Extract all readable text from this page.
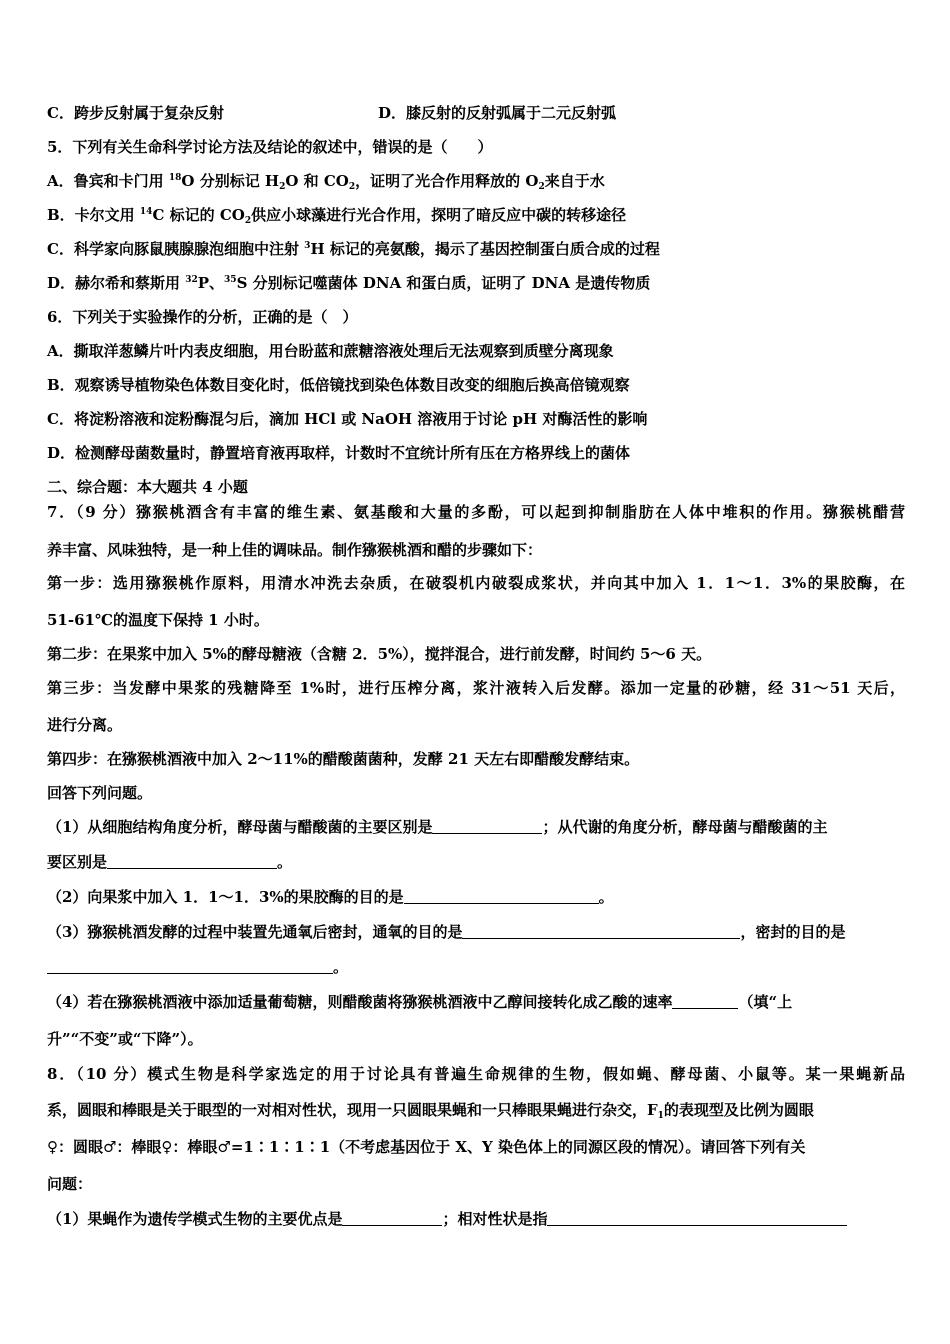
C．跨步反射属于复杂反射	D．膝反射的反射弧属于二元反射弧
5．下列有关生命科学讨论方法及结论的叙述中，错误的是（　　）
A．鲁宾和卡门用 $^{18}$O 分别标记 $H_2O$ 和 $CO_2$，证明了光合作用释放的 $O_2$来自于水
B．卡尔文用 $^{14}$C 标记的 $CO_2$供应小球藻进行光合作用，探明了暗反应中碳的转移途径
C．科学家向豚鼠胰腺腺泡细胞中注射 $^3$H 标记的亮氨酸，揭示了基因控制蛋白质合成的过程
D．赫尔希和蔡斯用 $^{32}$P、$^{35}$S 分别标记噬菌体 DNA 和蛋白质，证明了 DNA 是遗传物质
6．下列关于实验操作的分析，正确的是（　）
A．撕取洋葱鳞片叶内表皮细胞，用台盼蓝和蔗糖溶液处理后无法观察到质壁分离现象
B．观察诱导植物染色体数目变化时，低倍镜找到染色体数目改变的细胞后换高倍镜观察
C．将淀粉溶液和淀粉酶混匀后，滴加 HCl 或 NaOH 溶液用于讨论 pH 对酶活性的影响
D．检测酵母菌数量时，静置培育液再取样，计数时不宜统计所有压在方格界线上的菌体
二、综合题：本大题共 4 小题
7．（9 分）猕猴桃酒含有丰富的维生素、氨基酸和大量的多酚，可以起到抑制脂肪在人体中堆积的作用。猕猴桃醋营
养丰富、风味独特，是一种上佳的调味品。制作猕猴桃酒和醋的步骤如下：
第一步：选用猕猴桃作原料，用清水冲洗去杂质，在破裂机内破裂成浆状，并向其中加入 1．1～1．3%的果胶酶，在
51-61℃的温度下保持 1 小时。
第二步：在果浆中加入 5%的酵母糖液（含糖 2．5%），搅拌混合，进行前发酵，时间约 5～6 天。
第三步：当发酵中果浆的残糖降至 1%时，进行压榨分离，浆汁液转入后发酵。添加一定量的砂糖，经 31～51 天后，
进行分离。
第四步：在猕猴桃酒液中加入 2～11%的醋酸菌菌种，发酵 21 天左右即醋酸发酵结束。
回答下列问题。
（1）从细胞结构角度分析，酵母菌与醋酸菌的主要区别是	；从代谢的角度分析，酵母菌与醋酸菌的主
要区别是	。
（2）向果浆中加入 1．1～1．3%的果胶酶的目的是	。
（3）猕猴桃酒发酵的过程中装置先通氧后密封，通氧的目的是	，密封的目的是
。
（4）若在猕猴桃酒液中添加适量葡萄糖，则醋酸菌将猕猴桃酒液中乙醇间接转化成乙酸的速率	（填“上
升”“不变”或“下降”）。
8．（10 分）模式生物是科学家选定的用于讨论具有普遍生命规律的生物，假如蝇、酵母菌、小鼠等。某一果蝇新品
系，圆眼和棒眼是关于眼型的一对相对性状，现用一只圆眼果蝇和一只棒眼果蝇进行杂交，$F_1$的表现型及比例为圆眼
♀：圆眼♂：棒眼♀：棒眼♂=1∶1∶1∶1（不考虑基因位于 X、Y 染色体上的同源区段的情况）。请回答下列有关
问题：
（1）果蝇作为遗传学模式生物的主要优点是	；相对性状是指
